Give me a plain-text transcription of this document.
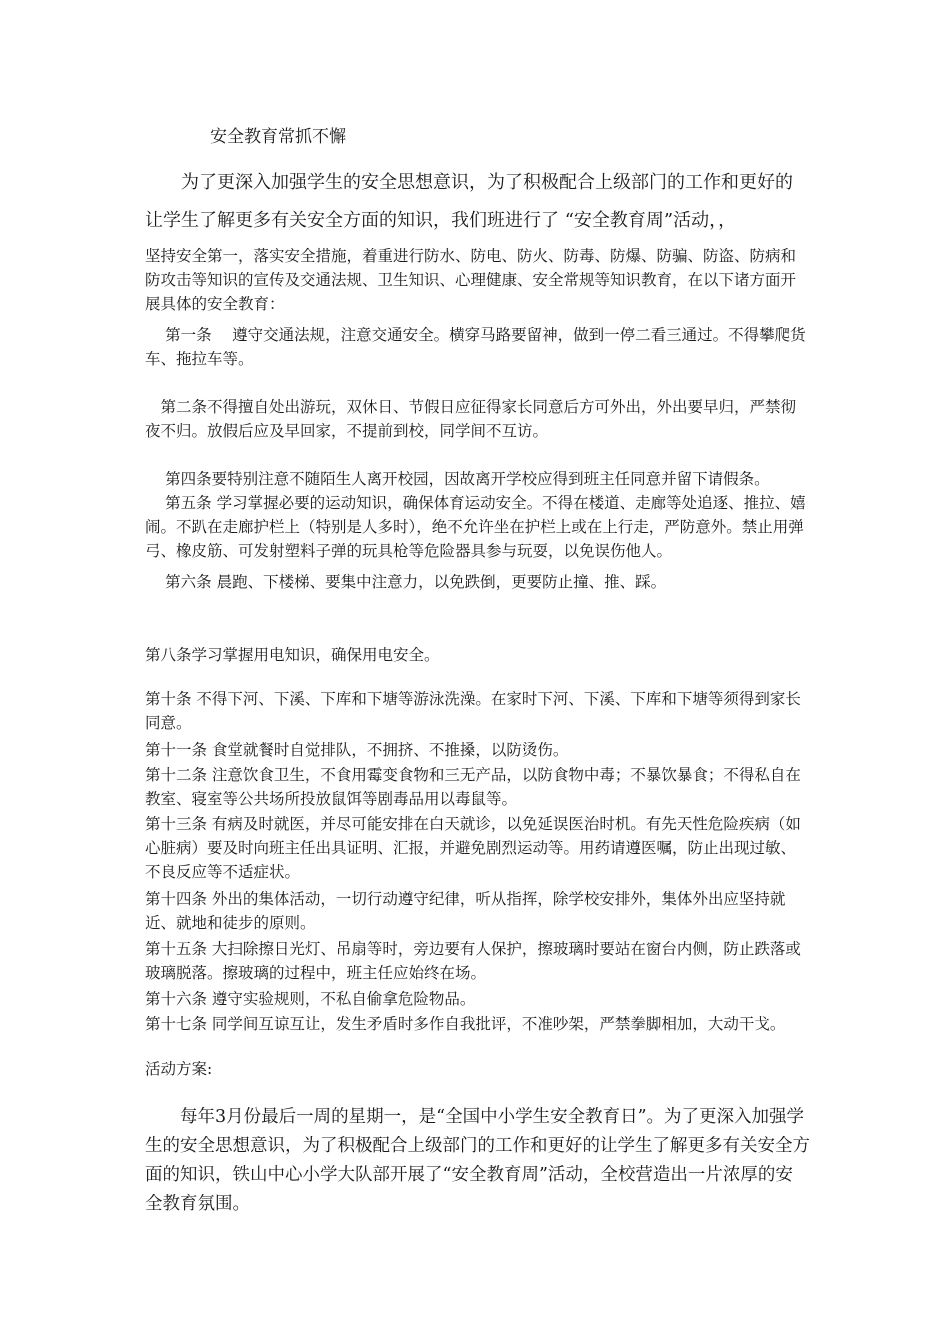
安全教育常抓不懈

为了更深入加强学生的安全思想意识，为了积极配合上级部门的工作和更好的让学生了解更多有关安全方面的知识，我们班进行了 “安全教育周”活动，，

坚持安全第一，落实安全措施，着重进行防水、防电、防火、防毒、防爆、防骗、防盗、防病和防攻击等知识的宣传及交通法规、卫生知识、心理健康、安全常规等知识教育，在以下诸方面开展具体的安全教育：

第一条　 遵守交通法规，注意交通安全。横穿马路要留神，做到一停二看三通过。不得攀爬货车、拖拉车等。

第二条不得擅自处出游玩，双休日、节假日应征得家长同意后方可外出，外出要早归，严禁彻夜不归。放假后应及早回家，不提前到校，同学间不互访。

第四条要特别注意不随陌生人离开校园，因故离开学校应得到班主任同意并留下请假条。

第五条 学习掌握必要的运动知识，确保体育运动安全。不得在楼道、走廊等处追逐、推拉、嬉闹。不趴在走廊护栏上（特别是人多时），绝不允许坐在护栏上或在上行走，严防意外。禁止用弹弓、橡皮筋、可发射塑料子弹的玩具枪等危险器具参与玩耍，以免误伤他人。

第六条 晨跑、下楼梯、要集中注意力，以免跌倒，更要防止撞、推、踩。

第八条学习掌握用电知识，确保用电安全。

第十条 不得下河、下溪、下库和下塘等游泳洗澡。在家时下河、下溪、下库和下塘等须得到家长同意。

第十一条 食堂就餐时自觉排队，不拥挤、不推搡，以防烫伤。

第十二条 注意饮食卫生，不食用霉变食物和三无产品，以防食物中毒；不暴饮暴食；不得私自在教室、寝室等公共场所投放鼠饵等剧毒品用以毒鼠等。

第十三条 有病及时就医，并尽可能安排在白天就诊，以免延误医治时机。有先天性危险疾病（如心脏病）要及时向班主任出具证明、汇报，并避免剧烈运动等。用药请遵医嘱，防止出现过敏、不良反应等不适症状。

第十四条 外出的集体活动，一切行动遵守纪律，听从指挥，除学校安排外，集体外出应坚持就近、就地和徒步的原则。

第十五条 大扫除擦日光灯、吊扇等时，旁边要有人保护，擦玻璃时要站在窗台内侧，防止跌落或玻璃脱落。擦玻璃的过程中，班主任应始终在场。

第十六条 遵守实验规则，不私自偷拿危险物品。

第十七条 同学间互谅互让，发生矛盾时多作自我批评，不准吵架，严禁拳脚相加，大动干戈。

活动方案:

每年3月份最后一周的星期一，是“全国中小学生安全教育日”。为了更深入加强学生的安全思想意识，为了积极配合上级部门的工作和更好的让学生了解更多有关安全方面的知识，铁山中心小学大队部开展了“安全教育周”活动，全校营造出一片浓厚的安全教育氛围。
